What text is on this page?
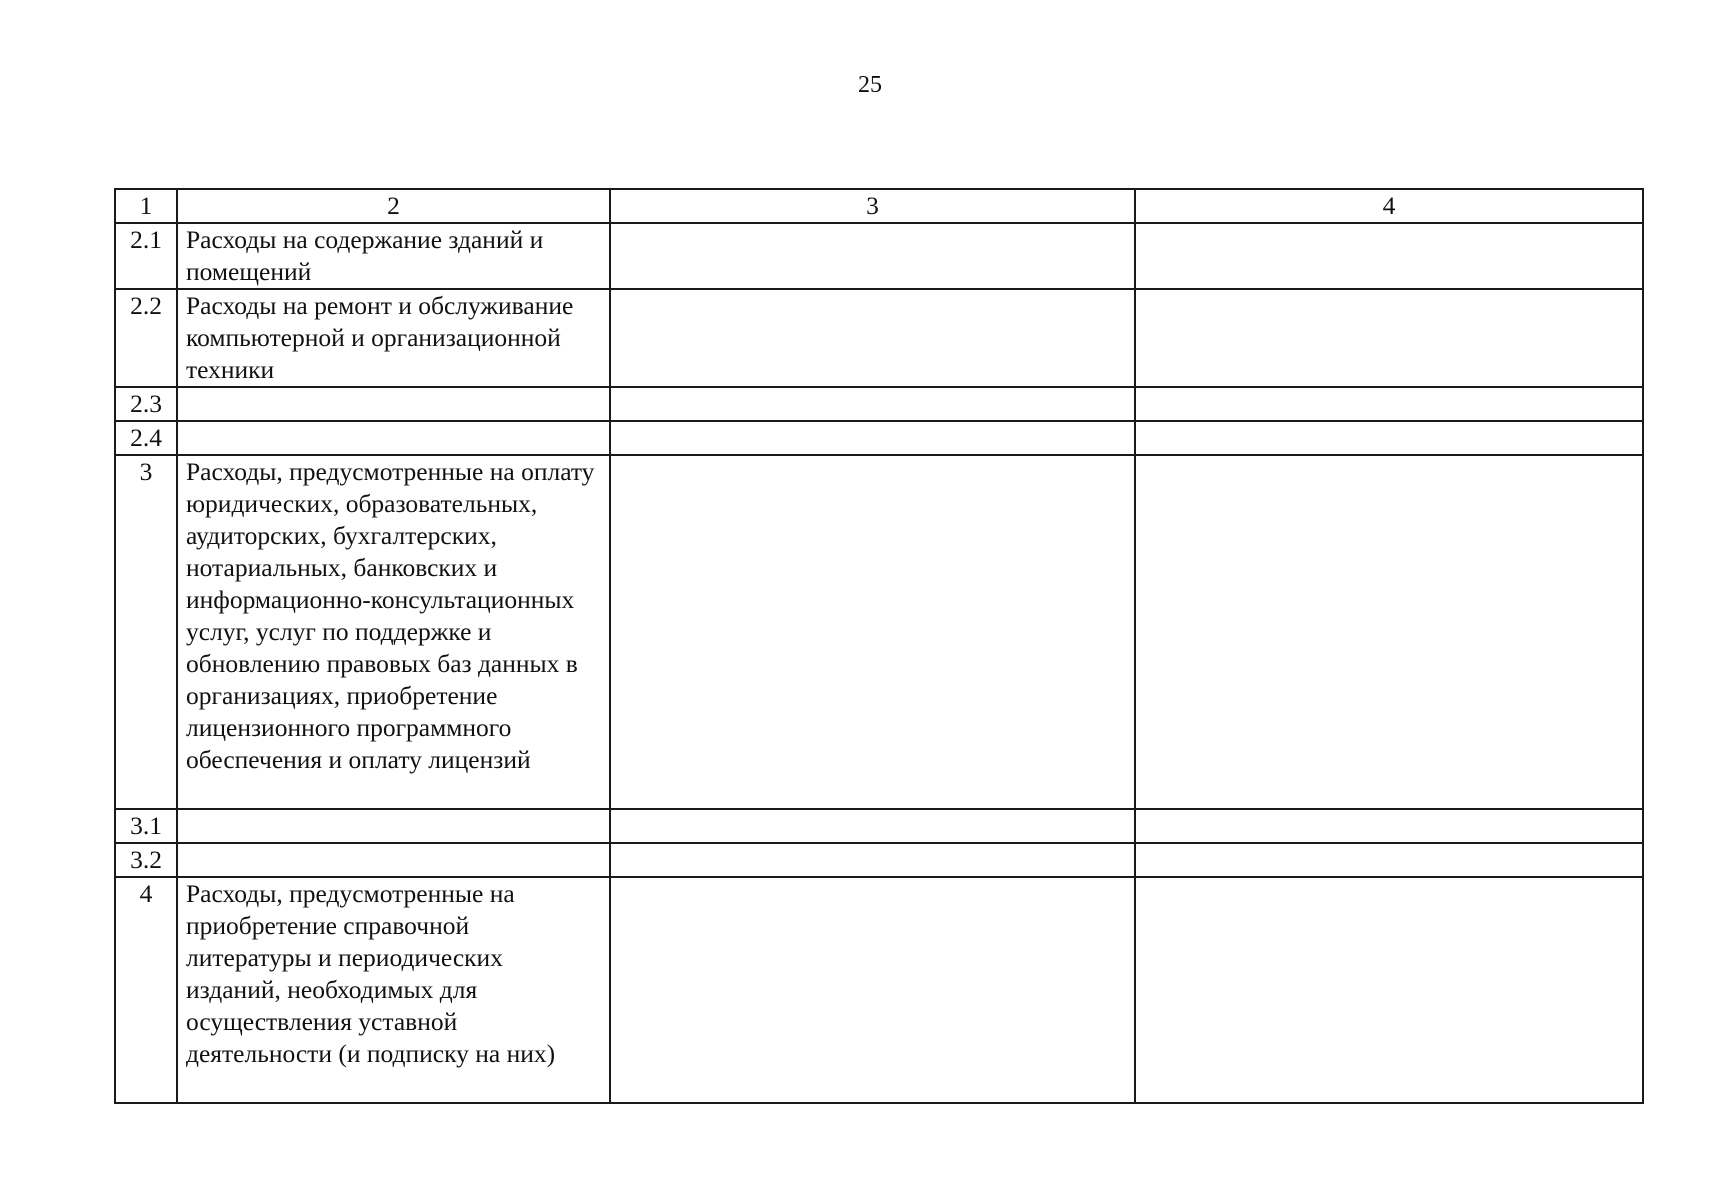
25
1	2	3	4
2.1	Расходы на содержание зданий и помещений		
2.2	Расходы на ремонт и обслуживание компьютерной и организационной техники		
2.3			
2.4			
3	Расходы, предусмотренные на оплату юридических, образовательных, аудиторских, бухгалтерских, нотариальных, банковских и информационно-консультационных услуг, услуг по поддержке и обновлению правовых баз данных в организациях, приобретение лицензионного программного обеспечения и оплату лицензий		
3.1			
3.2			
4	Расходы, предусмотренные на приобретение справочной литературы и периодических изданий, необходимых для осуществления уставной деятельности (и подписку на них)		
